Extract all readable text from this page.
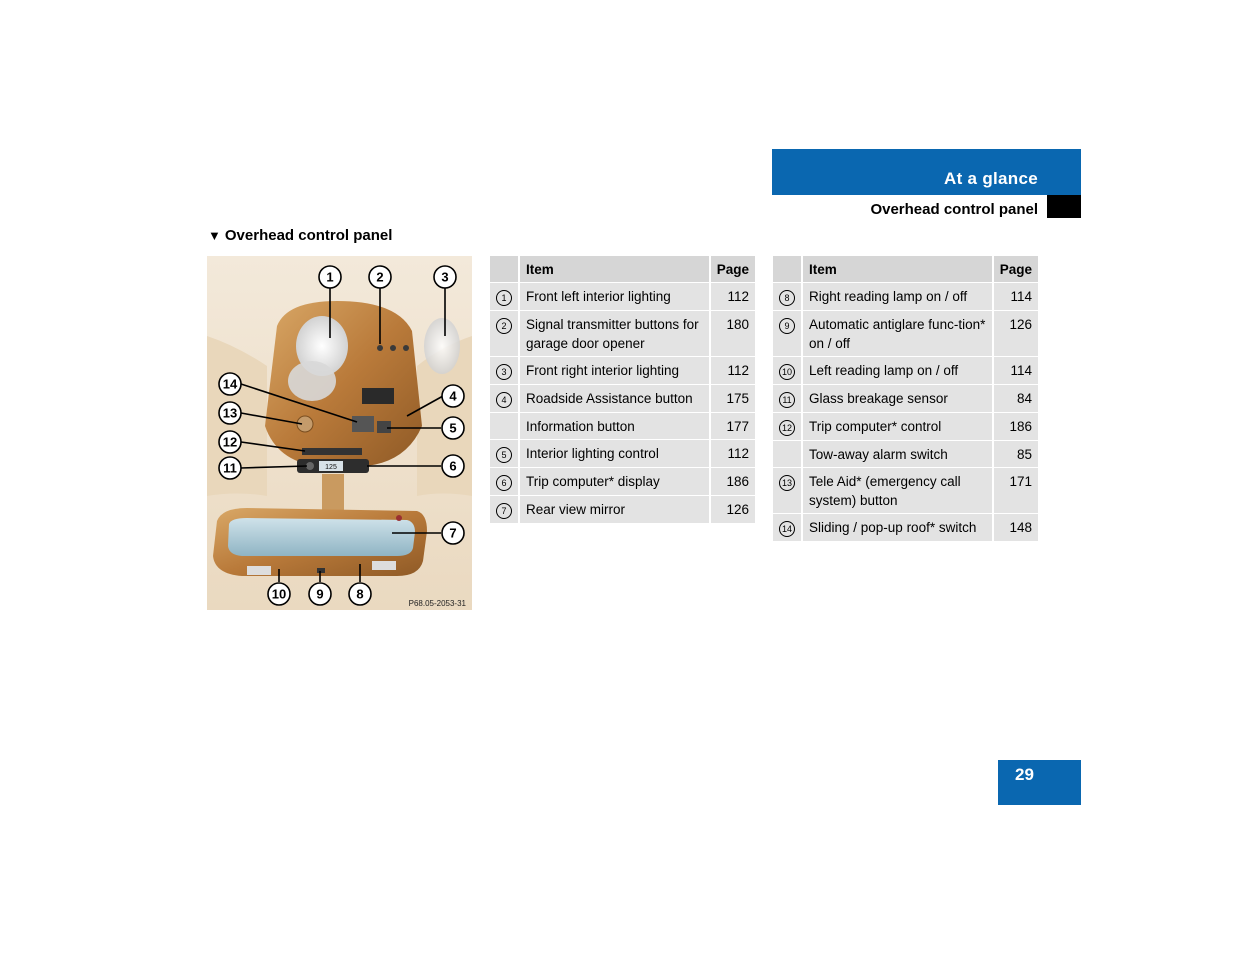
At a glance
Overhead control panel
▼ Overhead control panel
125
1	2	3
4
5
6
7
8
9
10
11
12
13
14
P68.05-2053-31
	Item	Page
1	Front left interior lighting	112
2	Signal transmitter buttons for garage door opener	180
3	Front right interior lighting	112
4	Roadside Assistance button	175
	Information button	177
5	Interior lighting control	112
6	Trip computer* display	186
7	Rear view mirror	126
	Item	Page
8	Right reading lamp on / off	114
9	Automatic antiglare func-tion* on / off	126
10	Left reading lamp on / off	114
11	Glass breakage sensor	84
12	Trip computer* control	186
	Tow-away alarm switch	85
13	Tele Aid* (emergency call system) button	171
14	Sliding / pop-up roof* switch	148
29
